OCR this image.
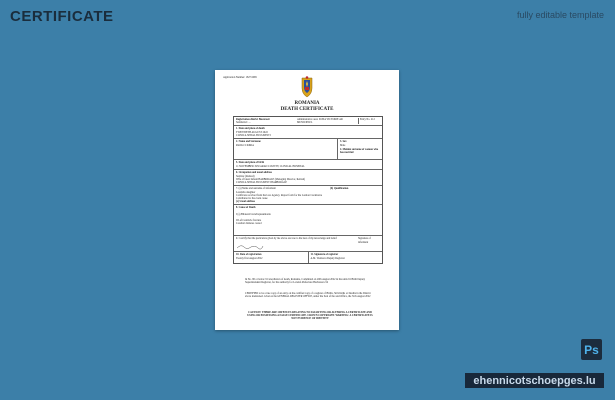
CERTIFICATE	fully editable template
Application Number: 1827/2965
ROMANIA
DEATH CERTIFICATE
Registration district Bucuresti
Subdistrict: ...
Administrative area: ZONA VICTORIE AR MUNICIPIUL
Entry No. 212
1. Date and place of death
TWENTIETH AUGUST 2022
CLINICA SPITAL BUCURESTI
2. Name and Surname
PAOLO CIORIA
3. Sex
Male
4. Maiden surname of woman who has married
5. Date and place of birth
11 NOVEMBER 1950 ARAD COUNTY, CLINICAL HOSPITAL
6. Occupation and usual address
Surtidor (Retired)
Wife of latest Ismani BARBORALE (Managing Director, Retired)
CLINICA SPITAL BUCURESTI BARBORALE
7. (a) Name and surname of informant	(b) Qualification
Lastdalia daughter
Certificate received from the Law Agency, Report form for the London Cardelorne
Contributed to the event cause
(c) Usual address
8. Cause of Death
I (a) Bilateral bronchopneumonia
II Left ventricle fracture
Cerebral diabetes coated
9. I certify that the particulars given by me above are true to the best of my knowledge and belief	Signature of informant
10. Date of registration
Twenty first August 2022
11. Signature of registrar
A.M. Vasilescu Deputy Registrar
In No. 80 or below 9 Cancellation of death, Romania, Committed on 20th August 2022 in the units 91 Birth Deputy Superintendent Registrar, for the authority for London Prefecture Bucharest 212
CERTIFIED to be a true copy of an entry on the certified copy of a register of Births, Still-births or Deaths in the District above mentioned. Given at the GENERAL REGISTER OFFICE, under the Seal of the said Office, the 31th August 2022
CAUTION: THERE ARE OFFENCES RELATING TO FALSIFYING OR ALTERING A CERTIFICATE AND USING OR POSSESSING A FALSE CERTIFICATE. CROWN COPYRIGHT. WARNING: A CERTIFICATE IS NOT EVIDENCE OF IDENTITY
Ps
ehennicotschoepges.lu
